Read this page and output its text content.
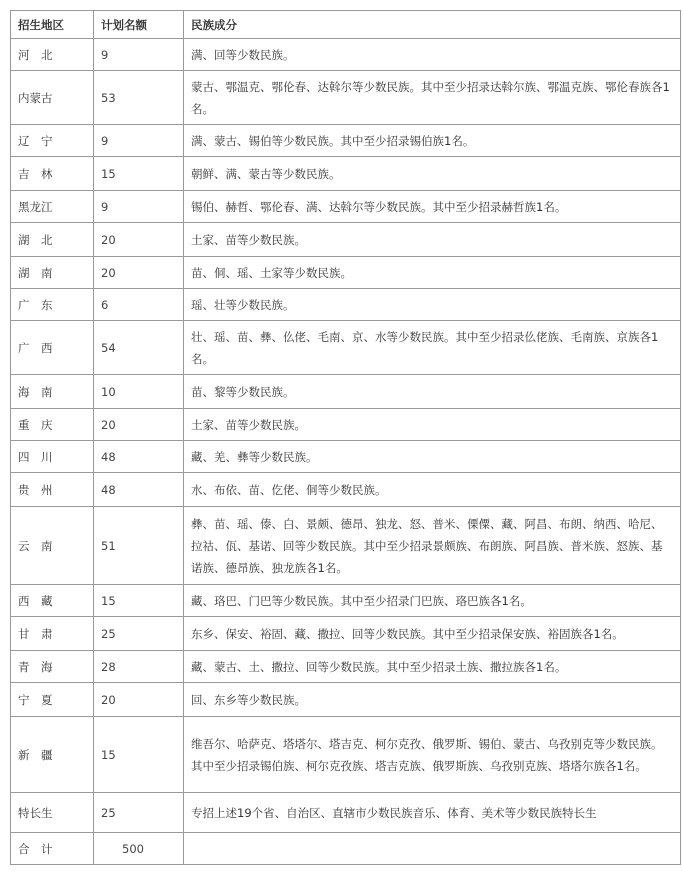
招生地区	计划名额	民族成分
河　北	9	满、回等少数民族。
内蒙古	53	蒙古、鄂温克、鄂伦春、达斡尔等少数民族。其中至少招录达斡尔族、鄂温克族、鄂伦春族各1名。
辽　宁	9	满、蒙古、锡伯等少数民族。其中至少招录锡伯族1名。
吉　林	15	朝鲜、满、蒙古等少数民族。
黑龙江	9	锡伯、赫哲、鄂伦春、满、达斡尔等少数民族。其中至少招录赫哲族1名。
湖　北	20	土家、苗等少数民族。
湖　南	20	苗、侗、瑶、土家等少数民族。
广　东	6	瑶、壮等少数民族。
广　西	54	壮、瑶、苗、彝、仫佬、毛南、京、水等少数民族。其中至少招录仫佬族、毛南族、京族各1名。
海　南	10	苗、黎等少数民族。
重　庆	20	土家、苗等少数民族。
四　川	48	藏、羌、彝等少数民族。
贵　州	48	水、布依、苗、仡佬、侗等少数民族。
云　南	51	彝、苗、瑶、傣、白、景颇、德昂、独龙、怒、普米、傈僳、藏、阿昌、布朗、纳西、哈尼、拉祜、佤、基诺、回等少数民族。其中至少招录景颇族、布朗族、阿昌族、普米族、怒族、基诺族、德昂族、独龙族各1名。
西　藏	15	藏、珞巴、门巴等少数民族。其中至少招录门巴族、珞巴族各1名。
甘　肃	25	东乡、保安、裕固、藏、撒拉、回等少数民族。其中至少招录保安族、裕固族各1名。
青　海	28	藏、蒙古、土、撒拉、回等少数民族。其中至少招录土族、撒拉族各1名。
宁　夏	20	回、东乡等少数民族。
新　疆	15	维吾尔、哈萨克、塔塔尔、塔吉克、柯尔克孜、俄罗斯、锡伯、蒙古、乌孜别克等少数民族。其中至少招录锡伯族、柯尔克孜族、塔吉克族、俄罗斯族、乌孜别克族、塔塔尔族各1名。
特长生	25	专招上述19个省、自治区、直辖市少数民族音乐、体育、美术等少数民族特长生
合　计	500	
